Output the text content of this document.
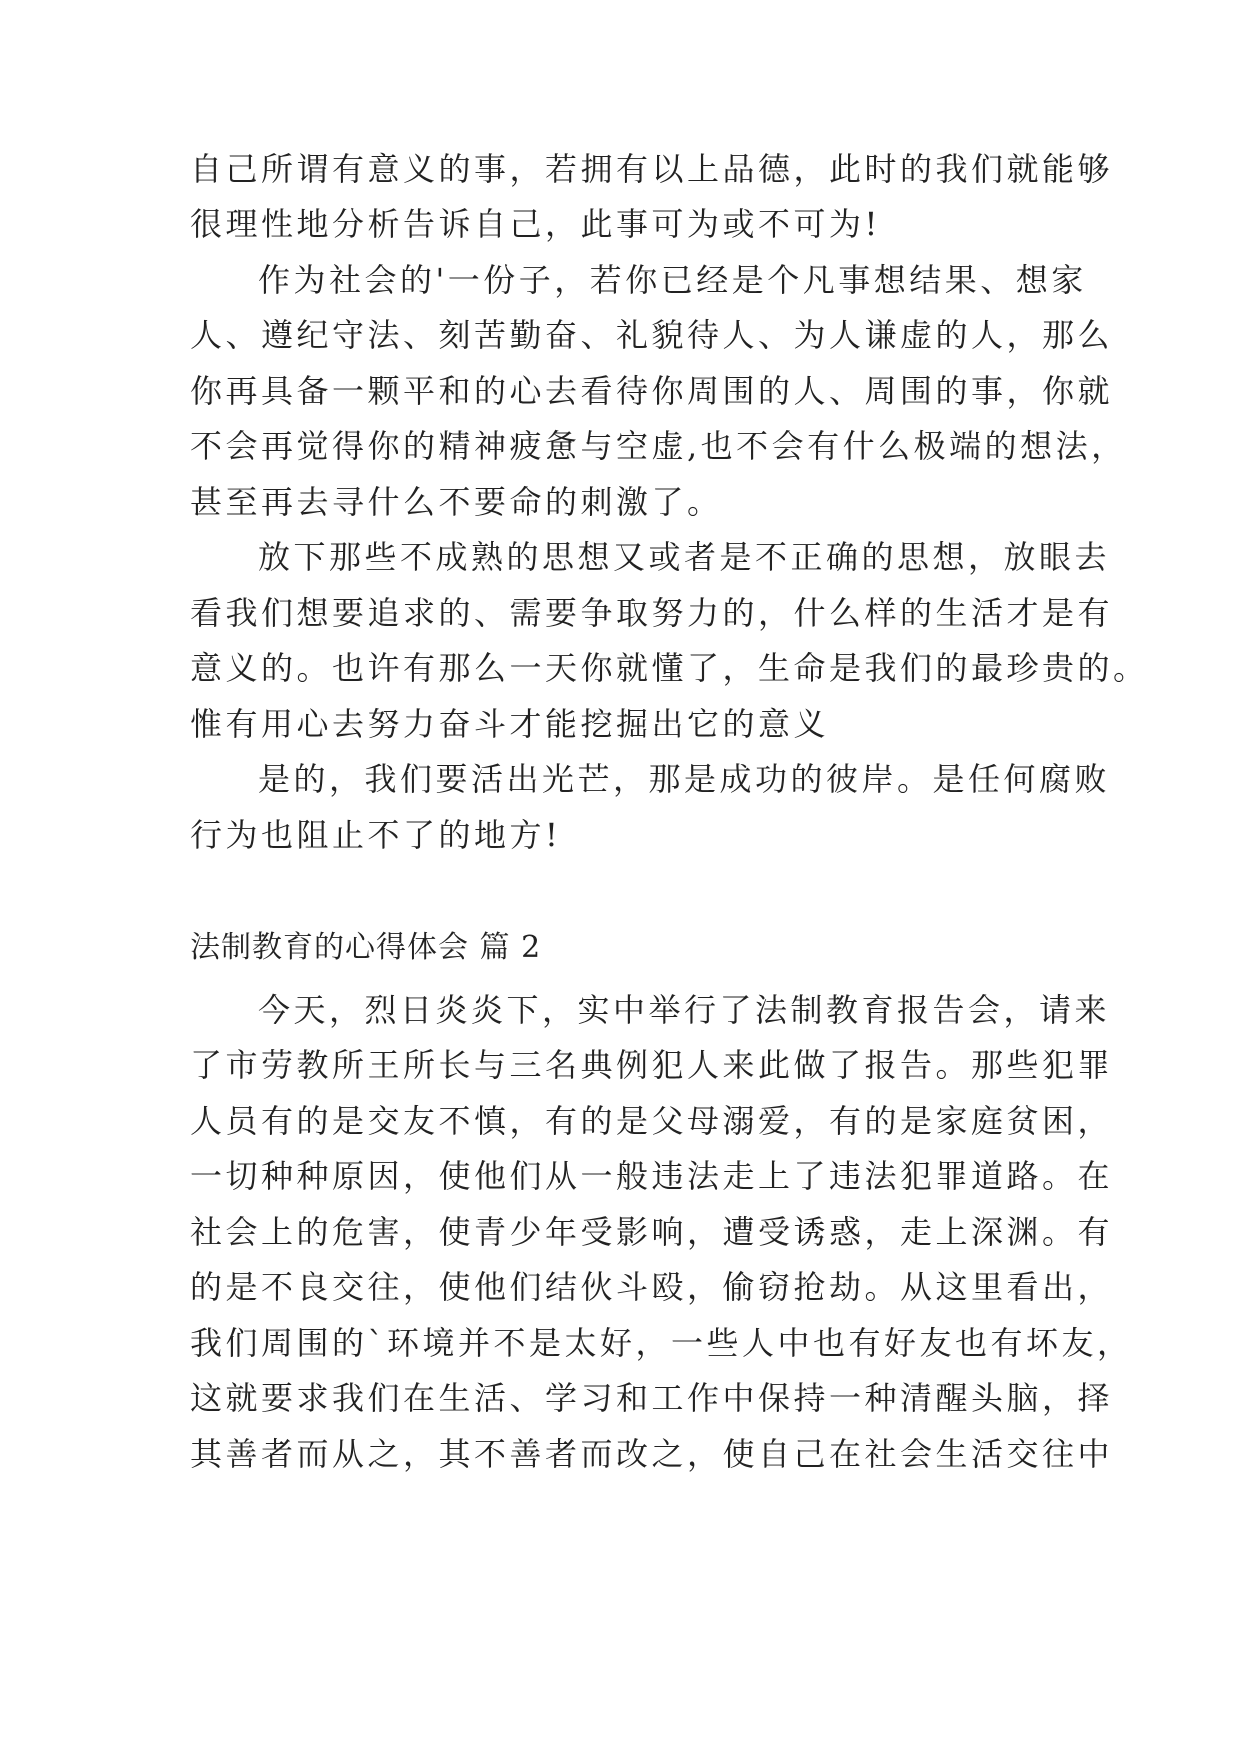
自己所谓有意义的事，若拥有以上品德，此时的我们就能够
很理性地分析告诉自己，此事可为或不可为!
作为社会的'一份子，若你已经是个凡事想结果、想家
人、遵纪守法、刻苦勤奋、礼貌待人、为人谦虚的人，那么
你再具备一颗平和的心去看待你周围的人、周围的事，你就
不会再觉得你的精神疲惫与空虚,也不会有什么极端的想法，
甚至再去寻什么不要命的刺激了。
放下那些不成熟的思想又或者是不正确的思想，放眼去
看我们想要追求的、需要争取努力的，什么样的生活才是有
意义的。也许有那么一天你就懂了，生命是我们的最珍贵的。
惟有用心去努力奋斗才能挖掘出它的意义
是的，我们要活出光芒，那是成功的彼岸。是任何腐败
行为也阻止不了的地方!
法制教育的心得体会 篇 2
今天，烈日炎炎下，实中举行了法制教育报告会，请来
了市劳教所王所长与三名典例犯人来此做了报告。那些犯罪
人员有的是交友不慎，有的是父母溺爱，有的是家庭贫困，
一切种种原因，使他们从一般违法走上了违法犯罪道路。在
社会上的危害，使青少年受影响，遭受诱惑，走上深渊。有
的是不良交往，使他们结伙斗殴，偷窃抢劫。从这里看出，
我们周围的`环境并不是太好，一些人中也有好友也有坏友，
这就要求我们在生活、学习和工作中保持一种清醒头脑，择
其善者而从之，其不善者而改之，使自己在社会生活交往中
